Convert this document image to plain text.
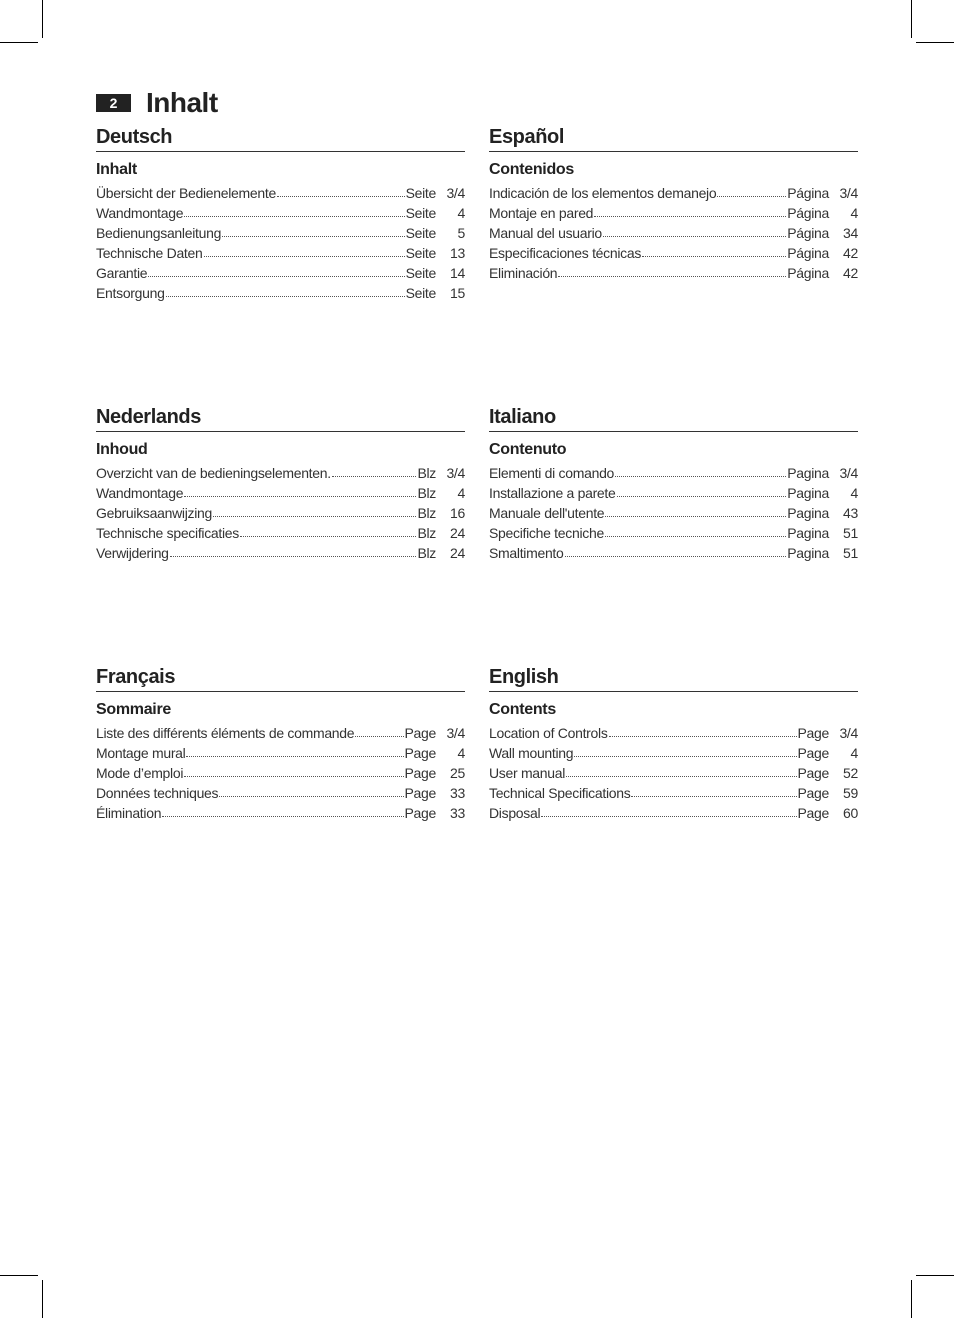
2	Inhalt
Deutsch
Inhalt
Übersicht der Bedienelemente	Seite 3/4
Wandmontage	Seite	4
Bedienungsanleitung	Seite	5
Technische Daten	Seite	13
Garantie	Seite	14
Entsorgung	Seite	15
Español
Contenidos
Indicación de los elementos demanejo	Página 3/4
Montaje en pared	Página	4
Manual del usuario	Página	34
Especificaciones técnicas	Página	42
Eliminación	Página	42
Nederlands
Inhoud
Overzicht van de bedieningselementen.	Blz 3/4
Wandmontage	Blz	4
Gebruiksaanwijzing	Blz	16
Technische specificaties	Blz	24
Verwijdering	Blz	24
Italiano
Contenuto
Elementi di comando	Pagina 3/4
Installazione a parete	Pagina	4
Manuale dell'utente	Pagina	43
Specifiche tecniche	Pagina	51
Smaltimento	Pagina	51
Français
Sommaire
Liste des différents éléments de commande	Page 3/4
Montage mural	Page	4
Mode d’emploi	Page	25
Données techniques	Page	33
Élimination	Page	33
English
Contents
Location of Controls	Page 3/4
Wall mounting	Page	4
User manual	Page	52
Technical Specifications	Page	59
Disposal	Page	60
